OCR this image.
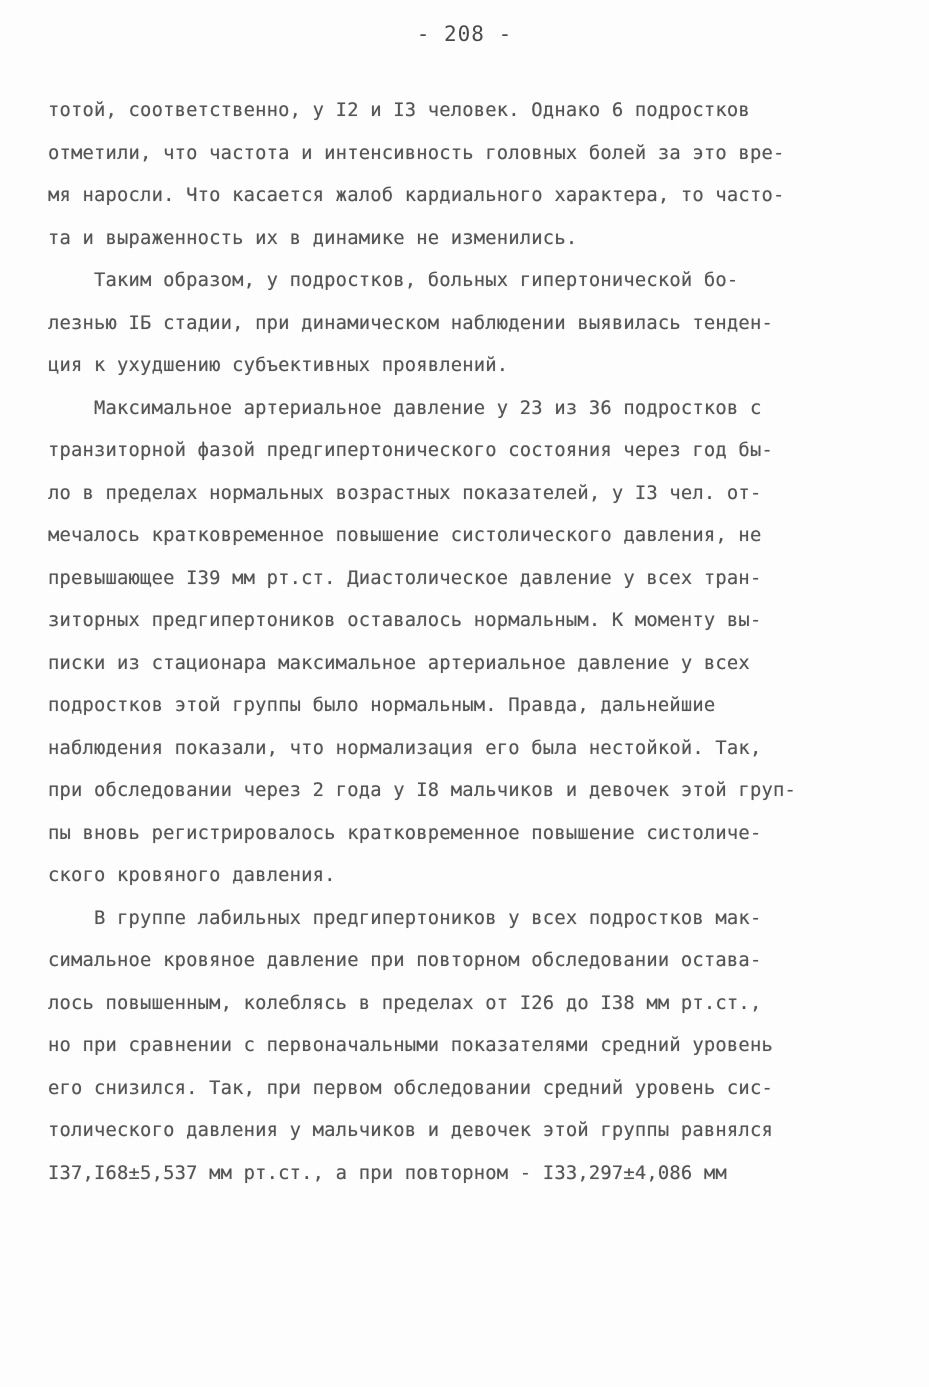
- 208 -
тотой, соответственно, у I2 и I3 человек. Однако 6 подростков
отметили, что частота и интенсивность головных болей за это вре-
мя наросли. Что касается жалоб кардиального характера, то часто-
та и выраженность их в динамике не изменились.
Таким образом, у подростков, больных гипертонической бо-
лезнью IБ стадии, при динамическом наблюдении выявилась тенден-
ция к ухудшению субъективных проявлений.
Максимальное артериальное давление у 23 из 36 подростков с
транзиторной фазой предгипертонического состояния через год бы-
ло в пределах нормальных возрастных показателей, у I3 чел. от-
мечалось кратковременное повышение систолического давления, не
превышающее I39 мм рт.ст. Диастолическое давление у всех тран-
зиторных предгипертоников оставалось нормальным. К моменту вы-
писки из стационара максимальное артериальное давление у всех
подростков этой группы было нормальным. Правда, дальнейшие
наблюдения показали, что нормализация его была нестойкой. Так,
при обследовании через 2 года у I8 мальчиков и девочек этой груп-
пы вновь регистрировалось кратковременное повышение систоличе-
ского кровяного давления.
В группе лабильных предгипертоников у всех подростков мак-
симальное кровяное давление при повторном обследовании остава-
лось повышенным, колеблясь в пределах от I26 до I38 мм рт.ст.,
но при сравнении с первоначальными показателями средний уровень
его снизился. Так, при первом обследовании средний уровень сис-
толического давления у мальчиков и девочек этой группы равнялся
I37,I68±5,537 мм рт.ст., а при повторном - I33,297±4,086 мм
